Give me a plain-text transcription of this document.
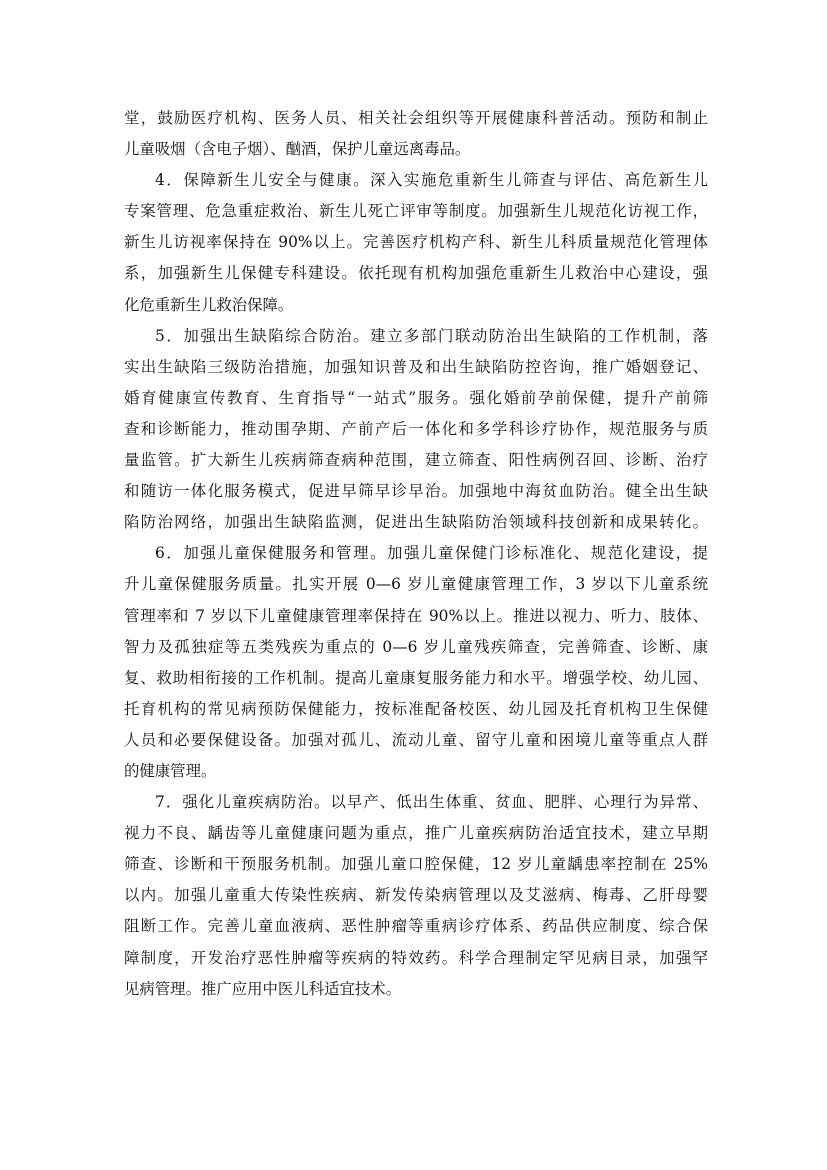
堂，鼓励医疗机构、医务人员、相关社会组织等开展健康科普活动。预防和制止
儿童吸烟（含电子烟）、酗酒，保护儿童远离毒品。
4．保障新生儿安全与健康。深入实施危重新生儿筛查与评估、高危新生儿
专案管理、危急重症救治、新生儿死亡评审等制度。加强新生儿规范化访视工作，
新生儿访视率保持在 90%以上。完善医疗机构产科、新生儿科质量规范化管理体
系，加强新生儿保健专科建设。依托现有机构加强危重新生儿救治中心建设，强
化危重新生儿救治保障。
5．加强出生缺陷综合防治。建立多部门联动防治出生缺陷的工作机制，落
实出生缺陷三级防治措施，加强知识普及和出生缺陷防控咨询，推广婚姻登记、
婚育健康宣传教育、生育指导“一站式”服务。强化婚前孕前保健，提升产前筛
查和诊断能力，推动围孕期、产前产后一体化和多学科诊疗协作，规范服务与质
量监管。扩大新生儿疾病筛查病种范围，建立筛查、阳性病例召回、诊断、治疗
和随访一体化服务模式，促进早筛早诊早治。加强地中海贫血防治。健全出生缺
陷防治网络，加强出生缺陷监测，促进出生缺陷防治领域科技创新和成果转化。
6．加强儿童保健服务和管理。加强儿童保健门诊标准化、规范化建设，提
升儿童保健服务质量。扎实开展 0—6 岁儿童健康管理工作，3 岁以下儿童系统
管理率和 7 岁以下儿童健康管理率保持在 90%以上。推进以视力、听力、肢体、
智力及孤独症等五类残疾为重点的 0—6 岁儿童残疾筛查，完善筛查、诊断、康
复、救助相衔接的工作机制。提高儿童康复服务能力和水平。增强学校、幼儿园、
托育机构的常见病预防保健能力，按标准配备校医、幼儿园及托育机构卫生保健
人员和必要保健设备。加强对孤儿、流动儿童、留守儿童和困境儿童等重点人群
的健康管理。
7．强化儿童疾病防治。以早产、低出生体重、贫血、肥胖、心理行为异常、
视力不良、龋齿等儿童健康问题为重点，推广儿童疾病防治适宜技术，建立早期
筛查、诊断和干预服务机制。加强儿童口腔保健，12 岁儿童龋患率控制在 25%
以内。加强儿童重大传染性疾病、新发传染病管理以及艾滋病、梅毒、乙肝母婴
阻断工作。完善儿童血液病、恶性肿瘤等重病诊疗体系、药品供应制度、综合保
障制度，开发治疗恶性肿瘤等疾病的特效药。科学合理制定罕见病目录，加强罕
见病管理。推广应用中医儿科适宜技术。
